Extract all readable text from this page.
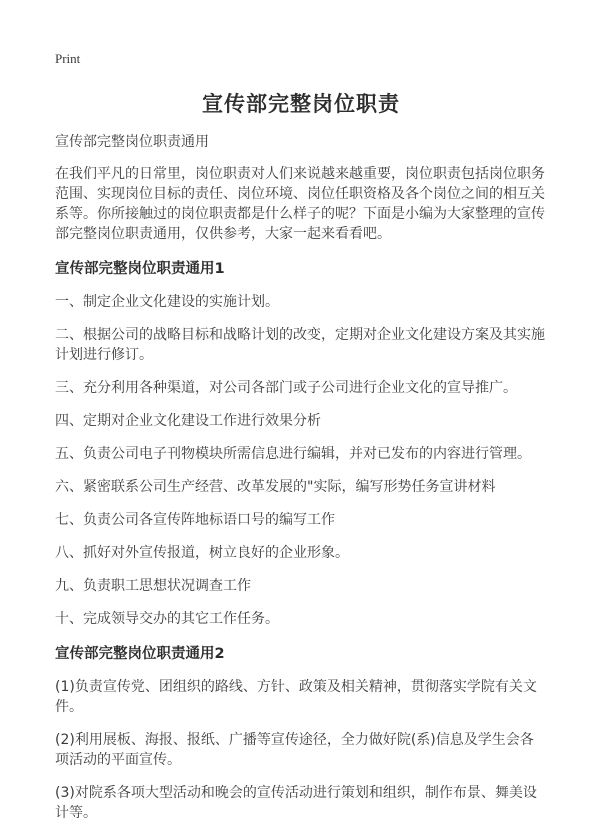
Print
宣传部完整岗位职责

宣传部完整岗位职责通用

在我们平凡的日常里，岗位职责对人们来说越来越重要，岗位职责包括岗位职务范围、实现岗位目标的责任、岗位环境、岗位任职资格及各个岗位之间的相互关系等。你所接触过的岗位职责都是什么样子的呢？下面是小编为大家整理的宣传部完整岗位职责通用，仅供参考，大家一起来看看吧。

宣传部完整岗位职责通用1

一、制定企业文化建设的实施计划。

二、根据公司的战略目标和战略计划的改变，定期对企业文化建设方案及其实施计划进行修订。

三、充分利用各种渠道，对公司各部门或子公司进行企业文化的宣导推广。

四、定期对企业文化建设工作进行效果分析

五、负责公司电子刊物模块所需信息进行编辑，并对已发布的内容进行管理。

六、紧密联系公司生产经营、改革发展的"实际，编写形势任务宣讲材料

七、负责公司各宣传阵地标语口号的编写工作

八、抓好对外宣传报道，树立良好的企业形象。

九、负责职工思想状况调查工作

十、完成领导交办的其它工作任务。

宣传部完整岗位职责通用2

(1)负责宣传党、团组织的路线、方针、政策及相关精神，贯彻落实学院有关文件。

(2)利用展板、海报、报纸、广播等宣传途径，全力做好院(系)信息及学生会各项活动的平面宣传。

(3)对院系各项大型活动和晚会的宣传活动进行策划和组织，制作布景、舞美设计等。
